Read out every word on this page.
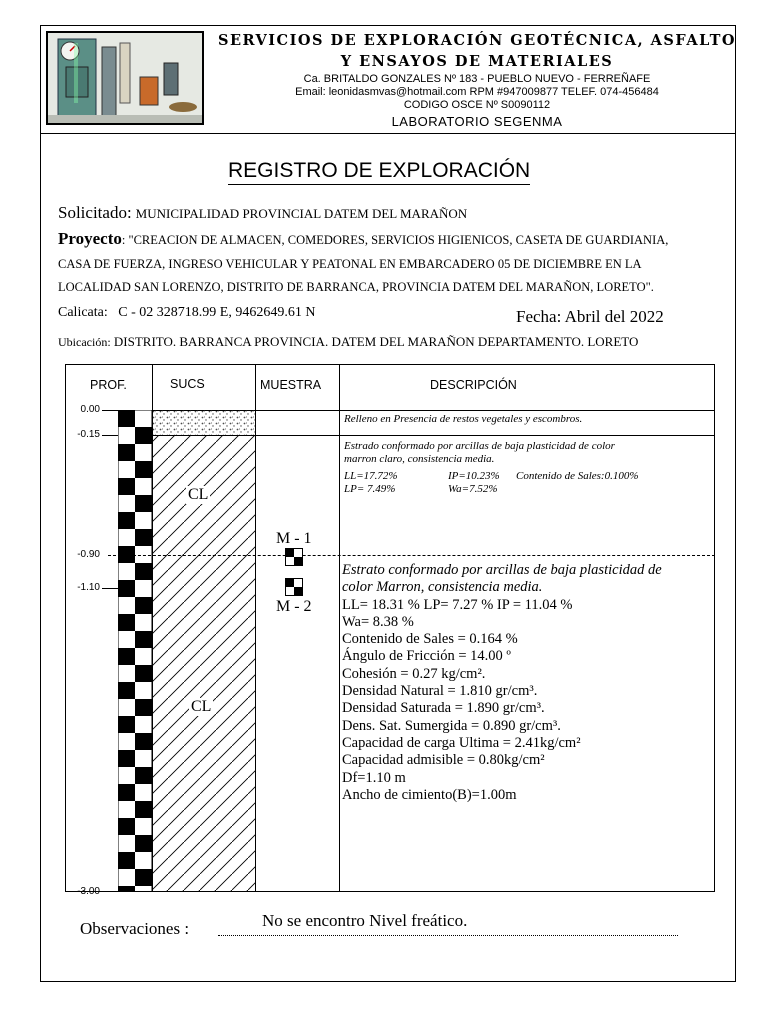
SERVICIOS DE EXPLORACIÓN GEOTÉCNICA, ASFALTO
Y ENSAYOS DE MATERIALES
Ca. BRITALDO GONZALES Nº 183 - PUEBLO NUEVO - FERREÑAFE
Email: leonidasmvas@hotmail.com RPM #947009877 TELEF. 074-456484
CODIGO OSCE Nº S0090112
LABORATORIO SEGENMA
REGISTRO DE EXPLORACIÓN
Solicitado: MUNICIPALIDAD PROVINCIAL DATEM DEL MARAÑON
Proyecto: "CREACION DE ALMACEN, COMEDORES, SERVICIOS HIGIENICOS, CASETA DE GUARDIANIA,
CASA DE FUERZA, INGRESO VEHICULAR Y PEATONAL EN EMBARCADERO 05 DE DICIEMBRE EN LA
LOCALIDAD SAN LORENZO, DISTRITO DE BARRANCA, PROVINCIA DATEM DEL MARAÑON, LORETO".
Calicata: C - 02 328718.99 E, 9462649.61 N	Fecha: Abril del 2022
Ubicación: DISTRITO. BARRANCA PROVINCIA. DATEM DEL MARAÑON DEPARTAMENTO. LORETO
PROF.	SUCS	MUESTRA	DESCRIPCIÓN
0.00
-0.15
-0.90
-1.10
-3.00
CL
CL
M - 1
M - 2
Relleno en Presencia de restos vegetales y escombros.
Estrado conformado por arcillas de baja plasticidad de color
marron claro, consistencia media.
LL=17.72%	IP=10.23% Contenido de Sales:0.100%
LP= 7.49%	Wa=7.52%
Estrato conformado por arcillas de baja plasticidad de
color Marron, consistencia media.
LL= 18.31 % LP= 7.27 % IP = 11.04 %
Wa= 8.38 %
Contenido de Sales = 0.164 %
Ángulo de Fricción = 14.00 º
Cohesión = 0.27 kg/cm².
Densidad Natural = 1.810 gr/cm³.
Densidad Saturada = 1.890 gr/cm³.
Dens. Sat. Sumergida = 0.890 gr/cm³.
Capacidad de carga Ultima = 2.41kg/cm²
Capacidad admisible = 0.80kg/cm²
Df=1.10 m
Ancho de cimiento(B)=1.00m
Observaciones :	No se encontro Nivel freático.
